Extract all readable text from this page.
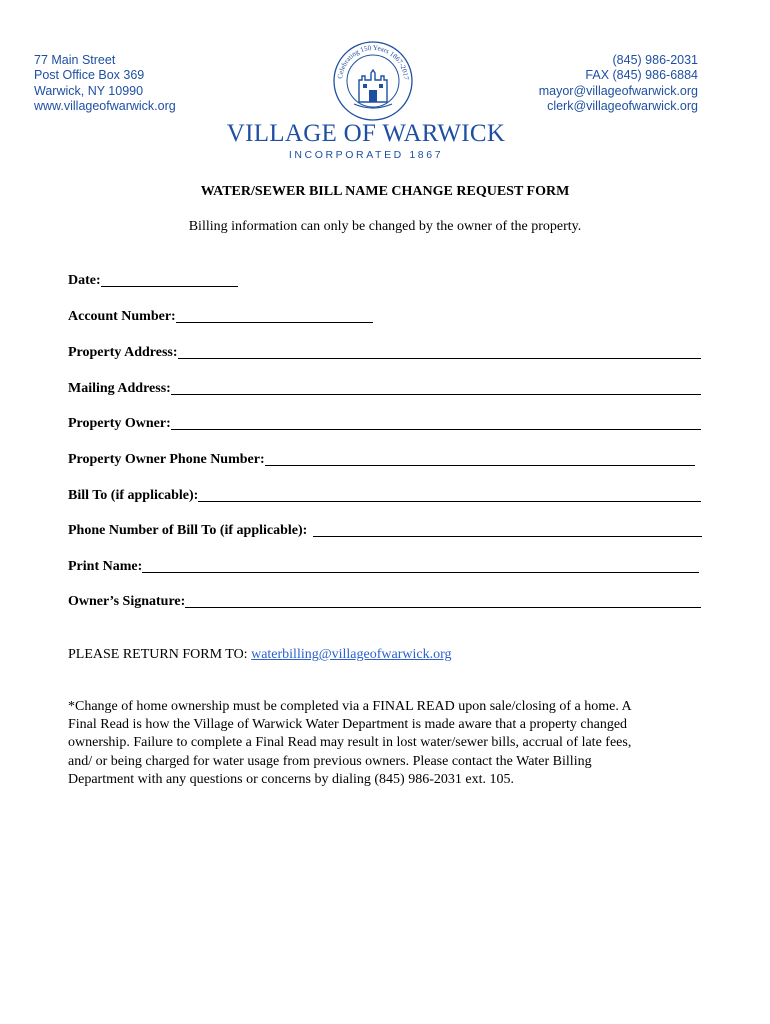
77 Main Street
Post Office Box 369
Warwick, NY 10990
www.villageofwarwick.org
Celebrating 150 Years 1867-2017
(845) 986-2031
FAX (845) 986-6884
mayor@villageofwarwick.org
clerk@villageofwarwick.org
VILLAGE OF WARWICK
INCORPORATED 1867
WATER/SEWER BILL NAME CHANGE REQUEST FORM
Billing information can only be changed by the owner of the property.
Date:
Account Number:
Property Address:
Mailing Address:
Property Owner:
Property Owner Phone Number:
Bill To (if applicable):
Phone Number of Bill To (if applicable):
Print Name:
Owner’s Signature:
PLEASE RETURN FORM TO: waterbilling@villageofwarwick.org
*Change of home ownership must be completed via a FINAL READ upon sale/closing of a home. A
Final Read is how the Village of Warwick Water Department is made aware that a property changed
ownership. Failure to complete a Final Read may result in lost water/sewer bills, accrual of late fees,
and/ or being charged for water usage from previous owners. Please contact the Water Billing
Department with any questions or concerns by dialing (845) 986-2031 ext. 105.
